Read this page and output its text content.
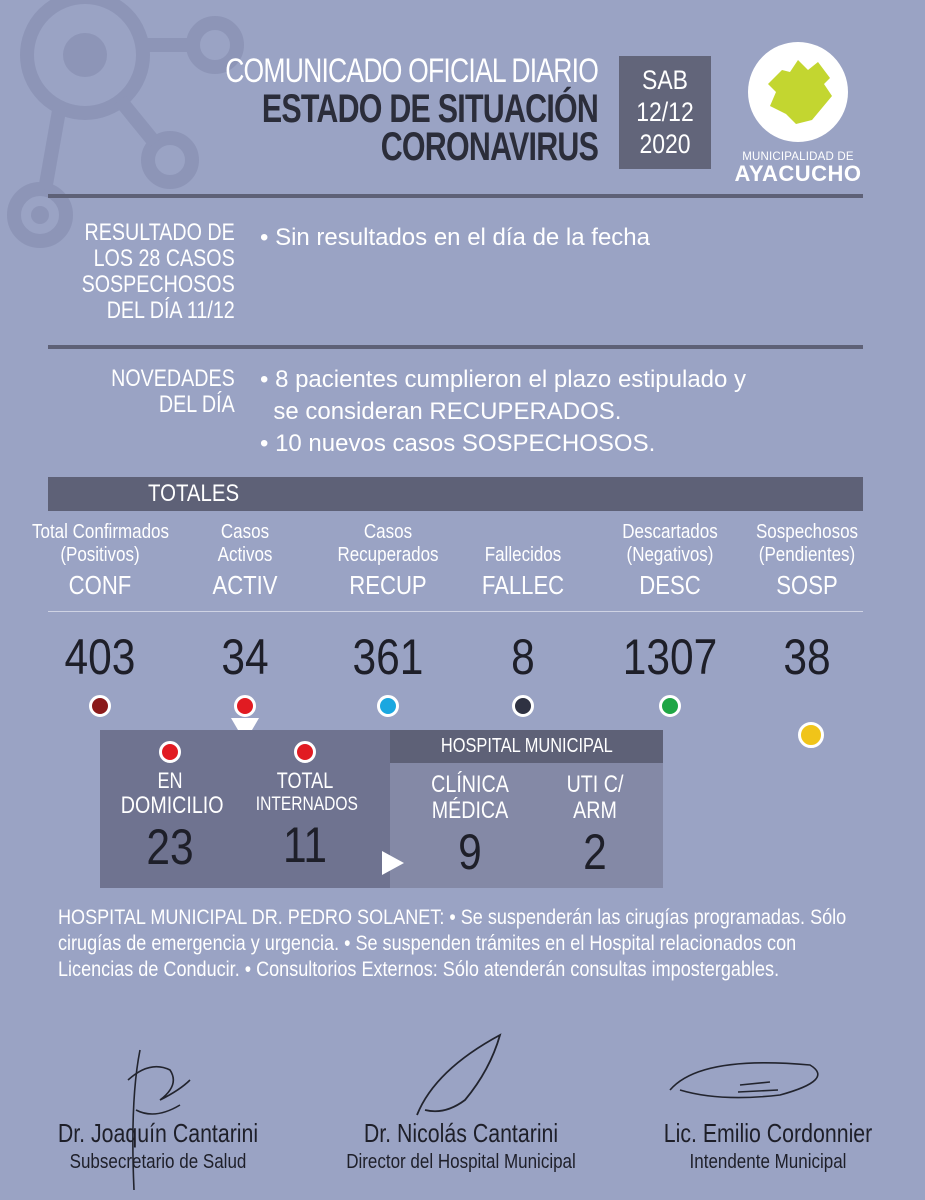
COMUNICADO OFICIAL DIARIO
ESTADO DE SITUACIÓN
CORONAVIRUS
SAB
12/12
2020	MUNICIPALIDAD DE
AYACUCHO
RESULTADO DE
LOS 28 CASOS
SOSPECHOSOS
DEL DÍA 11/12
• Sin resultados en el día de la fecha
NOVEDADES
DEL DÍA
• 8 pacientes cumplieron el plazo estipulado y
se consideran RECUPERADOS.
• 10 nuevos casos SOSPECHOSOS.
TOTALES
Total Confirmados
(Positivos)
CONF
403
Casos
Activos
ACTIV
34
Casos
Recuperados
RECUP
361

Fallecidos
FALLEC
8
Descartados
(Negativos)
DESC
1307
Sospechosos
(Pendientes)
SOSP
38
HOSPITAL MUNICIPAL
EN
DOMICILIO
23
TOTAL
INTERNADOS
11
CLÍNICA
MÉDICA
9
UTI C/
ARM
2
HOSPITAL MUNICIPAL DR. PEDRO SOLANET: • Se suspenderán las cirugías programadas. Sólo
cirugías de emergencia y urgencia. • Se suspenden trámites en el Hospital relacionados con
Licencias de Conducir. • Consultorios Externos: Sólo atenderán consultas impostergables.
Dr. Joaquín Cantarini
Subsecretario de Salud
Dr. Nicolás Cantarini
Director del Hospital Municipal
Lic. Emilio Cordonnier
Intendente Municipal
